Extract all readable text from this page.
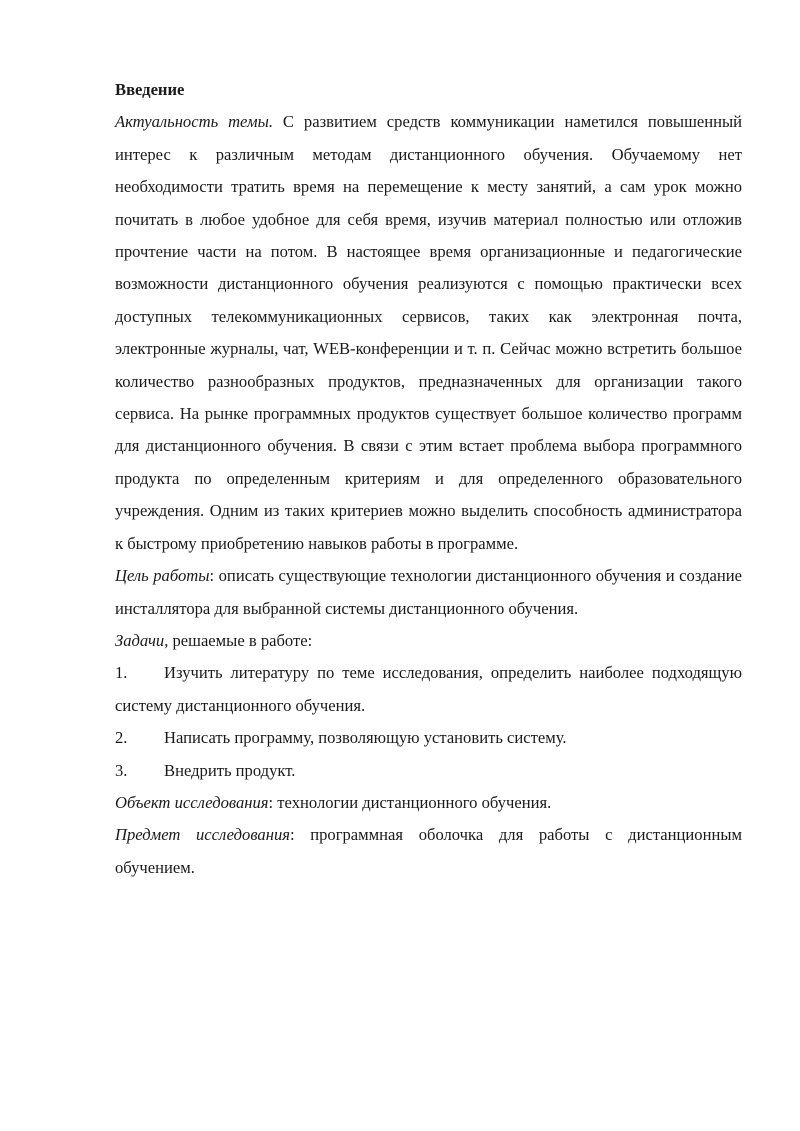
Введение

Актуальность темы. С развитием средств коммуникации наметился повышенный интерес к различным методам дистанционного обучения. Обучаемому нет необходимости тратить время на перемещение к месту занятий, а сам урок можно почитать в любое удобное для себя время, изучив материал полностью или отложив прочтение части на потом. В настоящее время организационные и педагогические возможности дистанционного обучения реализуются с помощью практически всех доступных телекоммуникационных сервисов, таких как электронная почта, электронные журналы, чат, WEB-конференции и т. п. Сейчас можно встретить большое количество разнообразных продуктов, предназначенных для организации такого сервиса. На рынке программных продуктов существует большое количество программ для дистанционного обучения. В связи с этим встает проблема выбора программного продукта по определенным критериям и для определенного образовательного учреждения. Одним из таких критериев можно выделить способность администратора к быстрому приобретению навыков работы в программе.

Цель работы: описать существующие технологии дистанционного обучения и создание инсталлятора для выбранной системы дистанционного обучения.

Задачи, решаемые в работе:

1.	Изучить литературу по теме исследования, определить наиболее подходящую систему дистанционного обучения.
2.	Написать программу, позволяющую установить систему.
3.	Внедрить продукт.

Объект исследования: технологии дистанционного обучения.

Предмет исследования: программная оболочка для работы с дистанционным обучением.
